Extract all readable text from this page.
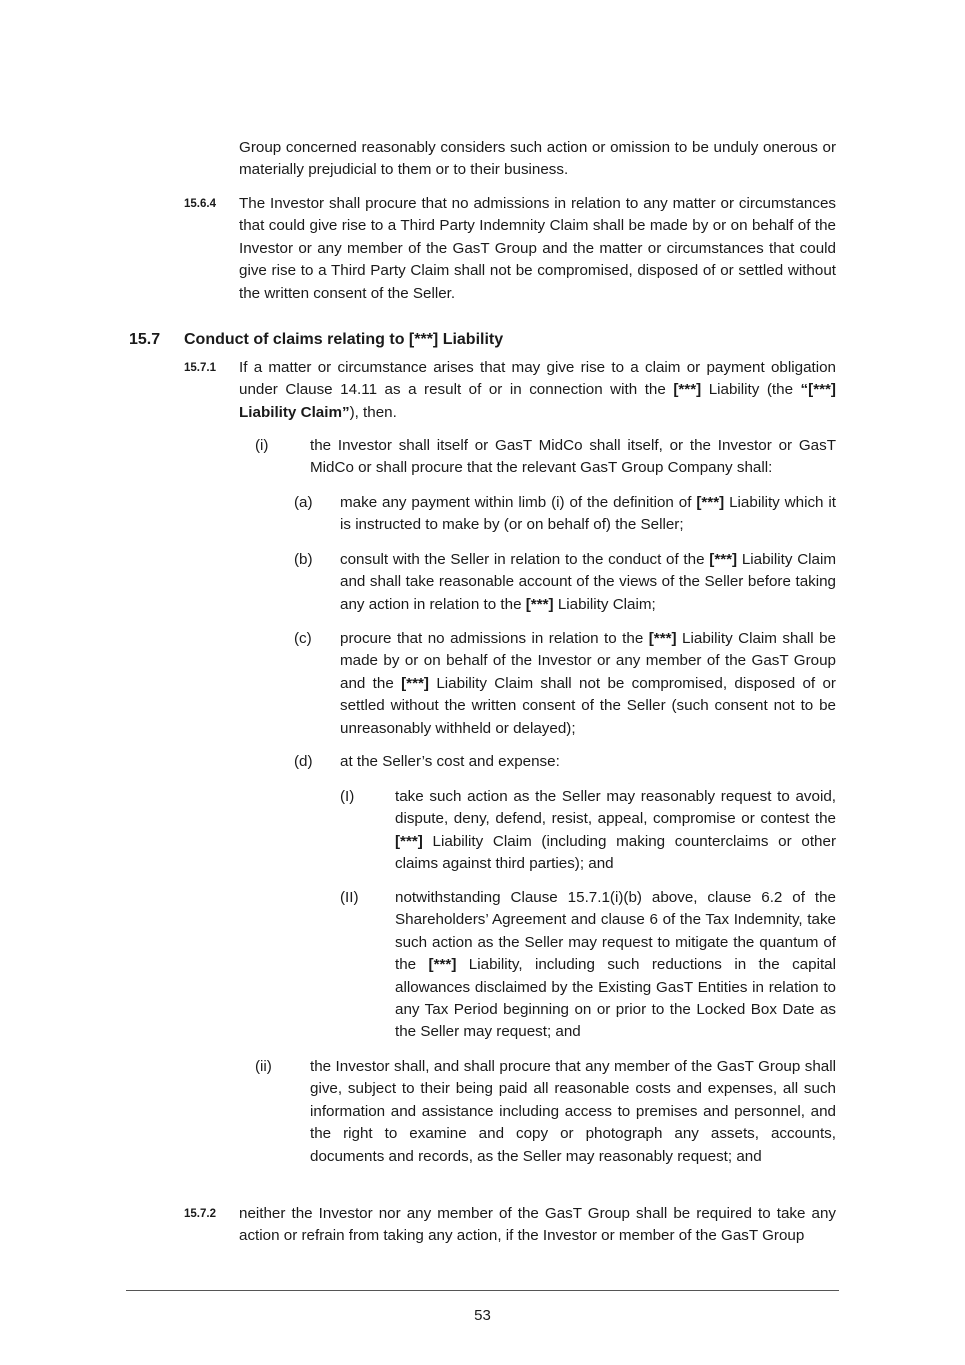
Group concerned reasonably considers such action or omission to be unduly onerous or materially prejudicial to them or to their business.

15.6.4 The Investor shall procure that no admissions in relation to any matter or circumstances that could give rise to a Third Party Indemnity Claim shall be made by or on behalf of the Investor or any member of the GasT Group and the matter or circumstances that could give rise to a Third Party Claim shall not be compromised, disposed of or settled without the written consent of the Seller.

15.7 Conduct of claims relating to [***] Liability
15.7.1 If a matter or circumstance arises that may give rise to a claim or payment obligation under Clause 14.11 as a result of or in connection with the [***] Liability (the “[***] Liability Claim”), then.

(i)	the Investor shall itself or GasT MidCo shall itself, or the Investor or GasT MidCo or shall procure that the relevant GasT Group Company shall:

(a) make any payment within limb (i) of the definition of [***] Liability which it is instructed to make by (or on behalf of) the Seller;

(b) consult with the Seller in relation to the conduct of the [***] Liability Claim and shall take reasonable account of the views of the Seller before taking any action in relation to the [***] Liability Claim;

(c) procure that no admissions in relation to the [***] Liability Claim shall be made by or on behalf of the Investor or any member of the GasT Group and the [***] Liability Claim shall not be compromised, disposed of or settled without the written consent of the Seller (such consent not to be unreasonably withheld or delayed);

(d) at the Seller’s cost and expense:

(I)	take such action as the Seller may reasonably request to avoid, dispute, deny, defend, resist, appeal, compromise or contest the [***] Liability Claim (including making counterclaims or other claims against third parties); and

(II) notwithstanding Clause 15.7.1(i)(b) above, clause 6.2 of the Shareholders’ Agreement and clause 6 of the Tax Indemnity, take such action as the Seller may request to mitigate the quantum of the [***] Liability, including such reductions in the capital allowances disclaimed by the Existing GasT Entities in relation to any Tax Period beginning on or prior to the Locked Box Date as the Seller may request; and

(ii)	the Investor shall, and shall procure that any member of the GasT Group shall give, subject to their being paid all reasonable costs and expenses, all such information and assistance including access to premises and personnel, and the right to examine and copy or photograph any assets, accounts, documents and records, as the Seller may reasonably request; and

15.7.2 neither the Investor nor any member of the GasT Group shall be required to take any action or refrain from taking any action, if the Investor or member of the GasT Group

53
